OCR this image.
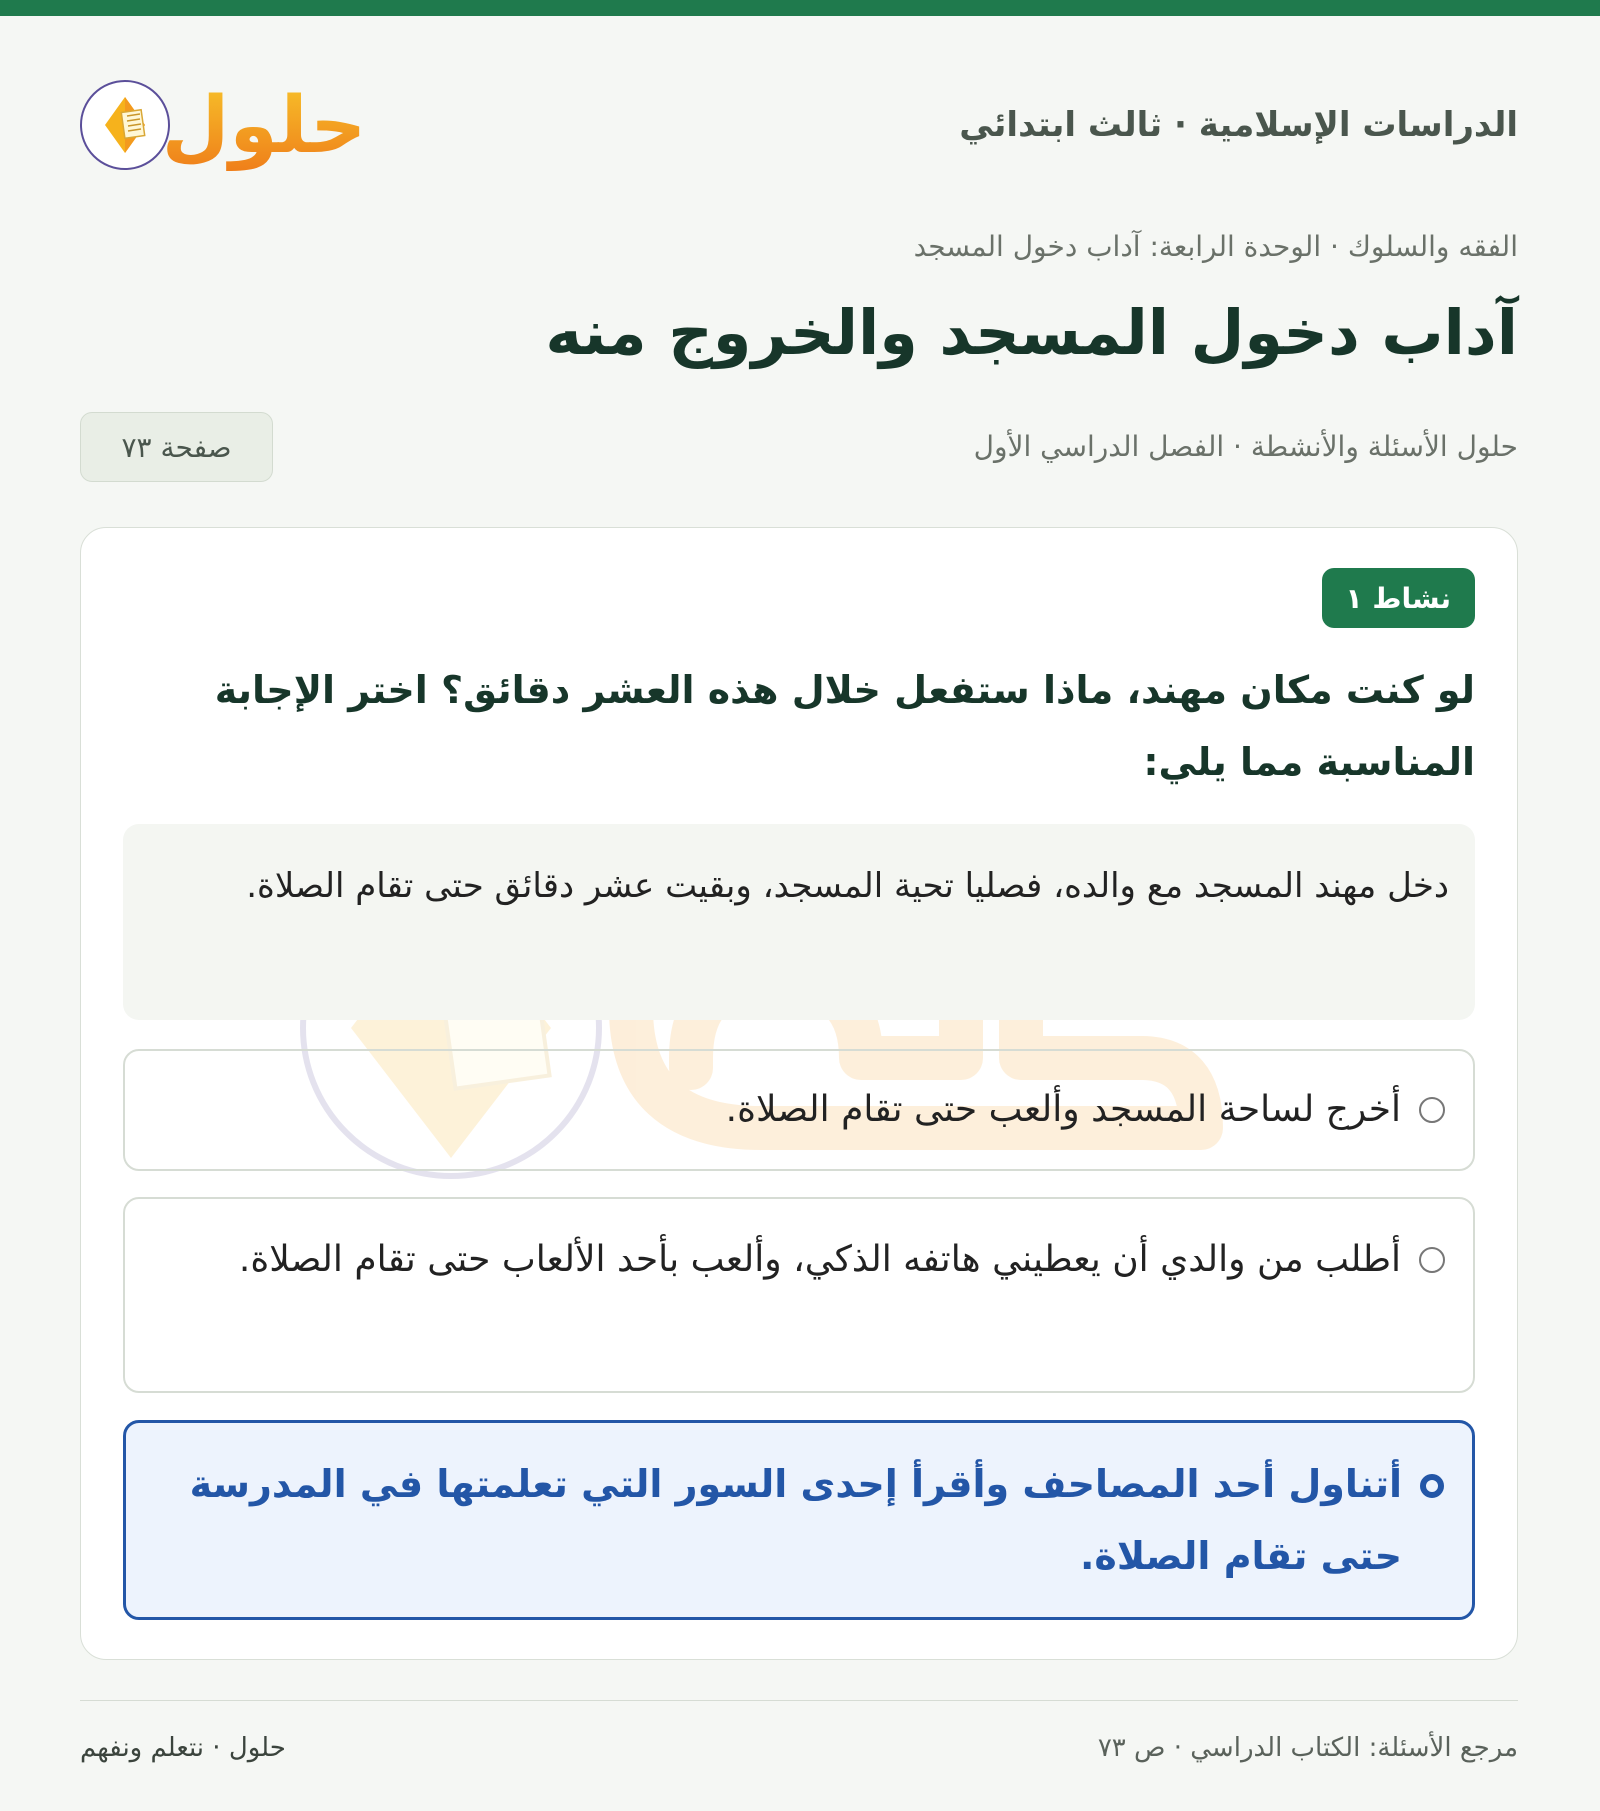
الدراسات الإسلامية · ثالث ابتدائي
حلول
الفقه والسلوك · الوحدة الرابعة: آداب دخول المسجد
آداب دخول المسجد والخروج منه
حلول الأسئلة والأنشطة · الفصل الدراسي الأول
صفحة ٧٣
نشاط ١
لو كنت مكان مهند، ماذا ستفعل خلال هذه العشر دقائق؟ اختر الإجابة المناسبة مما يلي:
دخل مهند المسجد مع والده، فصليا تحية المسجد، وبقيت عشر دقائق حتى تقام الصلاة.
أخرج لساحة المسجد وألعب حتى تقام الصلاة.
أطلب من والدي أن يعطيني هاتفه الذكي، وألعب بأحد الألعاب حتى تقام الصلاة.
أتناول أحد المصاحف وأقرأ إحدى السور التي تعلمتها في المدرسة حتى تقام الصلاة.
مرجع الأسئلة: الكتاب الدراسي · ص ٧٣
حلول · نتعلم ونفهم
